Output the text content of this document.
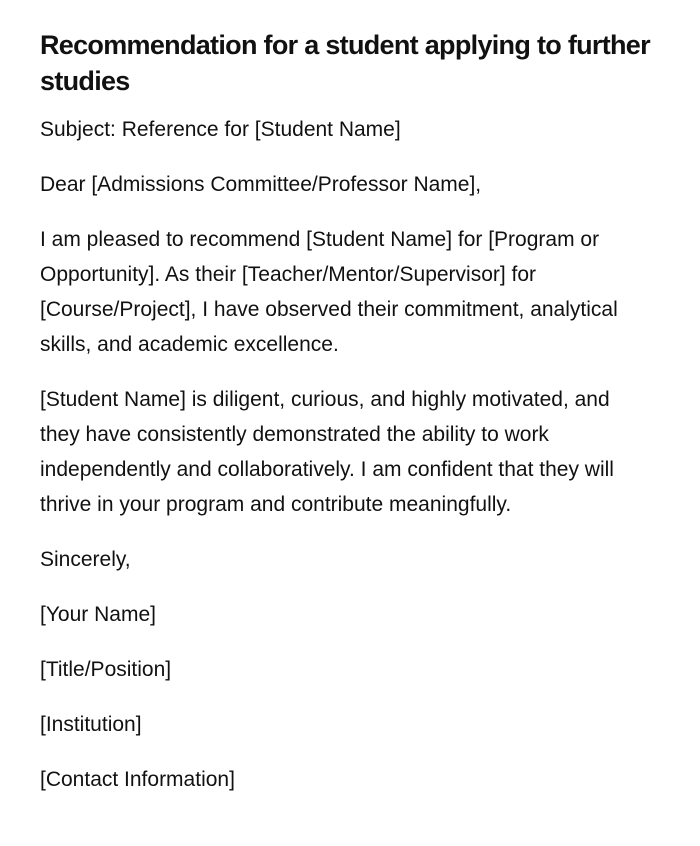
Recommendation for a student applying to further studies

Subject: Reference for [Student Name]

Dear [Admissions Committee/Professor Name],

I am pleased to recommend [Student Name] for [Program or Opportunity]. As their [Teacher/Mentor/Supervisor] for [Course/Project], I have observed their commitment, analytical skills, and academic excellence.

[Student Name] is diligent, curious, and highly motivated, and they have consistently demonstrated the ability to work independently and collaboratively. I am confident that they will thrive in your program and contribute meaningfully.

Sincerely,

[Your Name]

[Title/Position]

[Institution]

[Contact Information]
